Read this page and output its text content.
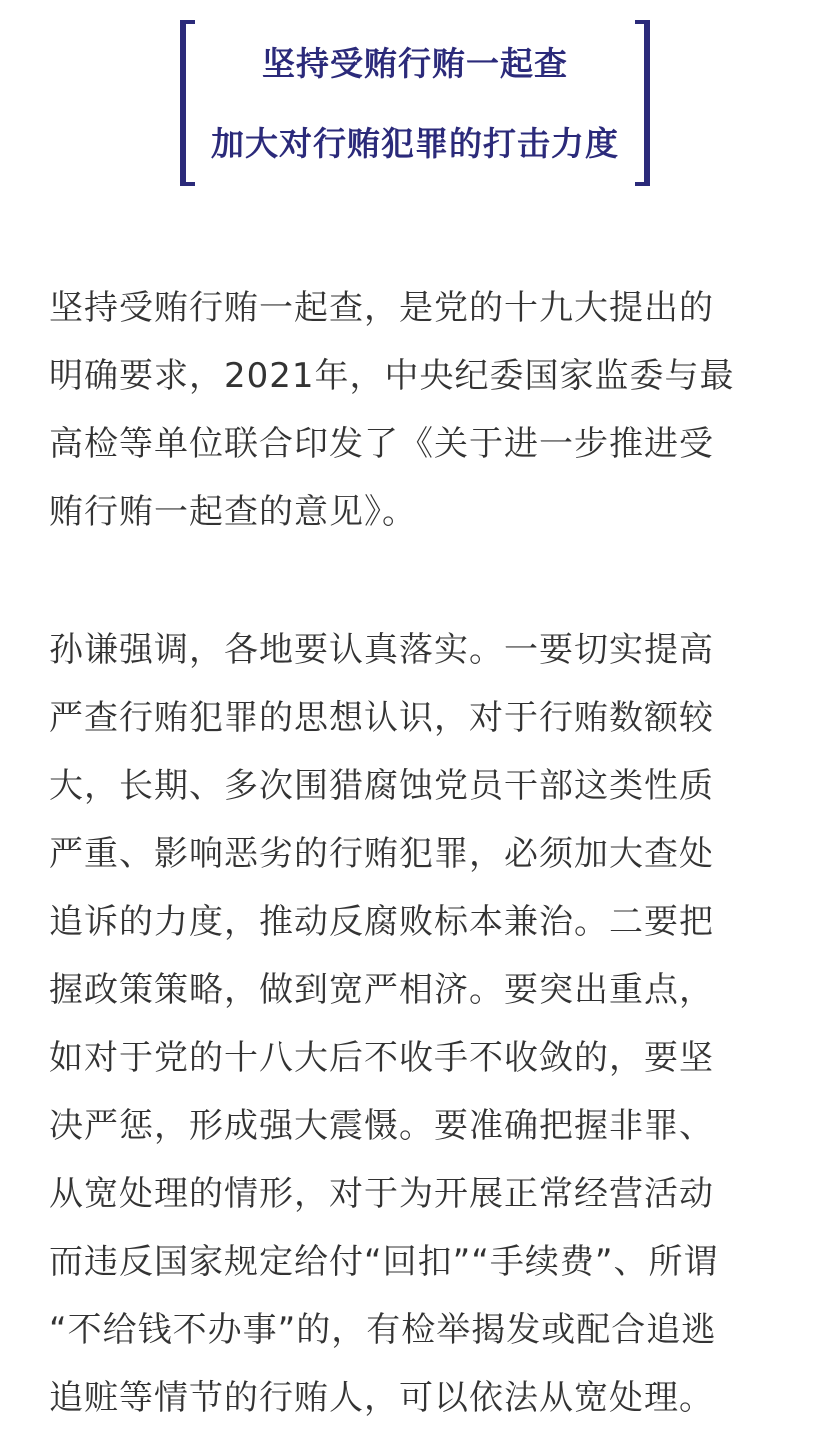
坚持受贿行贿一起查
加大对行贿犯罪的打击力度
坚持受贿行贿一起查，是党的十九大提出的
明确要求，2021年，中央纪委国家监委与最
高检等单位联合印发了《关于进一步推进受
贿行贿一起查的意见》。
孙谦强调，各地要认真落实。一要切实提高
严查行贿犯罪的思想认识，对于行贿数额较
大，长期、多次围猎腐蚀党员干部这类性质
严重、影响恶劣的行贿犯罪，必须加大查处
追诉的力度，推动反腐败标本兼治。二要把
握政策策略，做到宽严相济。要突出重点，
如对于党的十八大后不收手不收敛的，要坚
决严惩，形成强大震慑。要准确把握非罪、
从宽处理的情形，对于为开展正常经营活动
而违反国家规定给付“回扣”“手续费”、所谓
“不给钱不办事”的，有检举揭发或配合追逃
追赃等情节的行贿人，可以依法从宽处理。
